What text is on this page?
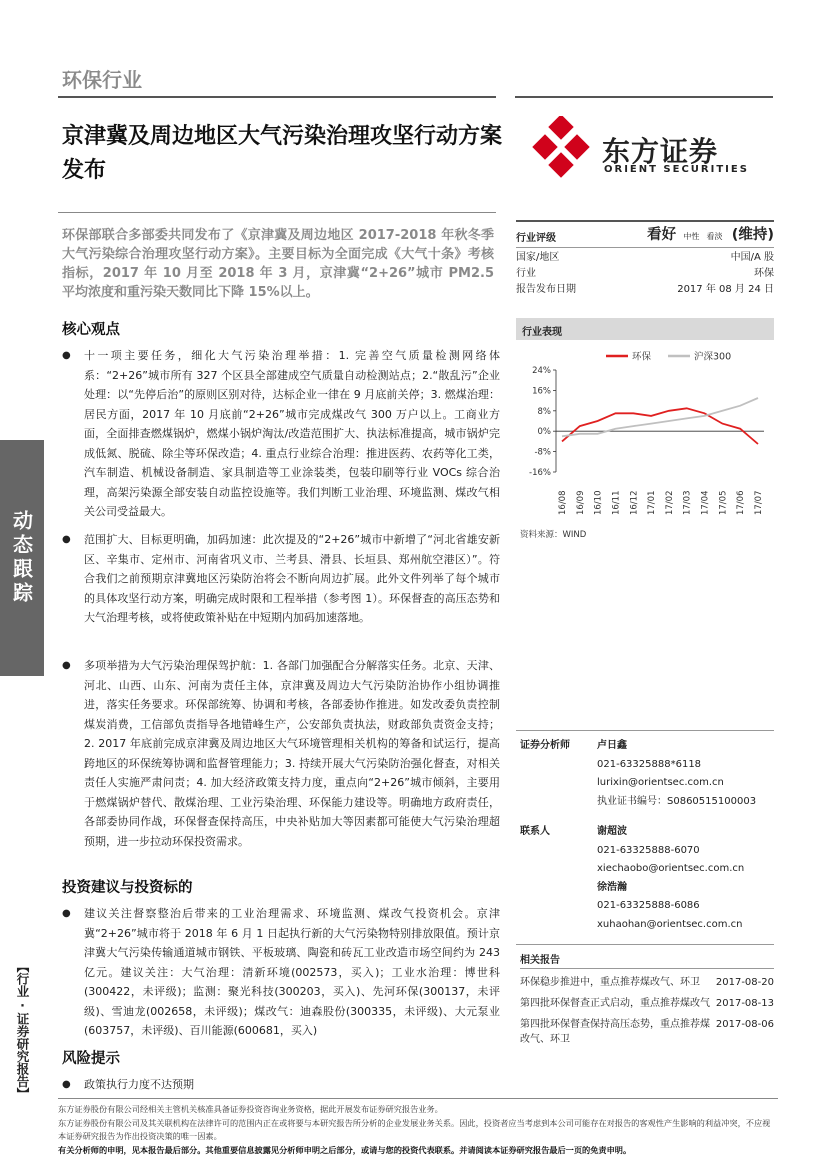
环保行业
京津冀及周边地区大气污染治理攻坚行动方案发布
东方证券
ORIENT SECURITIES
环保部联合多部委共同发布了《京津冀及周边地区 2017-2018 年秋冬季大气污染综合治理攻坚行动方案》。主要目标为全面完成《大气十条》考核指标，2017 年 10 月至 2018 年 3 月，京津冀“2+26”城市 PM2.5 平均浓度和重污染天数同比下降 15%以上。
核心观点
● 十一项主要任务，细化大气污染治理举措：1. 完善空气质量检测网络体系：“2+26”城市所有 327 个区县全部建成空气质量自动检测站点；2.“散乱污”企业处理：以“先停后治”的原则区别对待，达标企业一律在 9 月底前关停；3. 燃煤治理：居民方面，2017 年 10 月底前“2+26”城市完成煤改气 300 万户以上。工商业方面，全面排查燃煤锅炉，燃煤小锅炉淘汰/改造范围扩大、执法标准提高，城市锅炉完成低氮、脱硫、除尘等环保改造；4. 重点行业综合治理：推进医药、农药等化工类，汽车制造、机械设备制造、家具制造等工业涂装类，包装印刷等行业 VOCs 综合治理，高架污染源全部安装自动监控设施等。我们判断工业治理、环境监测、煤改气相关公司受益最大。
● 范围扩大、目标更明确，加码加速：此次提及的“2+26”城市中新增了“河北省雄安新区、辛集市、定州市、河南省巩义市、兰考县、滑县、长垣县、郑州航空港区）”。符合我们之前预期京津冀地区污染防治将会不断向周边扩展。此外文件列举了每个城市的具体攻坚行动方案，明确完成时限和工程举措（参考图 1）。环保督查的高压态势和大气治理考核，或将使政策补贴在中短期内加码加速落地。
● 多项举措为大气污染治理保驾护航：1. 各部门加强配合分解落实任务。北京、天津、河北、山西、山东、河南为责任主体，京津冀及周边大气污染防治协作小组协调推进，落实任务要求。环保部统筹、协调和考核，各部委协作推进。如发改委负责控制煤炭消费，工信部负责指导各地错峰生产，公安部负责执法，财政部负责资金支持；2. 2017 年底前完成京津冀及周边地区大气环境管理相关机构的筹备和试运行，提高跨地区的环保统筹协调和监督管理能力；3. 持续开展大气污染防治强化督查，对相关责任人实施严肃问责；4. 加大经济政策支持力度，重点向“2+26”城市倾斜，主要用于燃煤锅炉替代、散煤治理、工业污染治理、环保能力建设等。明确地方政府责任，各部委协同作战，环保督查保持高压，中央补贴加大等因素都可能使大气污染治理超预期，进一步拉动环保投资需求。
投资建议与投资标的
● 建议关注督察整治后带来的工业治理需求、环境监测、煤改气投资机会。京津冀“2+26”城市将于 2018 年 6 月 1 日起执行新的大气污染物特别排放限值。预计京津冀大气污染传输通道城市钢铁、平板玻璃、陶瓷和砖瓦工业改造市场空间约为 243 亿元。建议关注：大气治理：清新环境(002573，买入)；工业水治理：博世科(300422，未评级)；监测：聚光科技(300203，买入)、先河环保(300137，未评级)、雪迪龙(002658，未评级)；煤改气：迪森股份(300335，未评级)、大元泵业(603757，未评级)、百川能源(600681，买入)
风险提示
● 政策执行力度不达预期
动态跟踪
【行业·证券研究报告】
行业评级	看好 中性 看淡 (维持)
国家/地区	中国/A 股
行业	环保
报告发布日期	2017 年 08 月 24 日
行业表现
环保	沪深300
24%
16%
8%
0%
-8%
-16%
16/08 16/09 16/10 16/11 16/12 17/01 17/02 17/03 17/04 17/05 17/06 17/07
资料来源：WIND
证券分析师	卢日鑫
021-63325888*6118
lurixin@orientsec.com.cn
执业证书编号：S0860515100003
联系人	谢超波
021-63325888-6070
xiechaobo@orientsec.com.cn
徐浩瀚
021-63325888-6086
xuhaohan@orientsec.com.cn
相关报告
环保稳步推进中，重点推荐煤改气、环卫	2017-08-20
第四批环保督查正式启动，重点推荐煤改气 2017-08-13
第四批环保督查保持高压态势，重点推荐煤改气、环卫
2017-08-06
东方证券股份有限公司经相关主管机关核准具备证券投资咨询业务资格，据此开展发布证券研究报告业务。
东方证券股份有限公司及其关联机构在法律许可的范围内正在或将要与本研究报告所分析的企业发展业务关系。因此，投资者应当考虑到本公司可能存在对报告的客观性产生影响的利益冲突，不应视本证券研究报告为作出投资决策的唯一因素。
有关分析师的申明，见本报告最后部分。其他重要信息披露见分析师申明之后部分，或请与您的投资代表联系。并请阅读本证券研究报告最后一页的免责申明。
